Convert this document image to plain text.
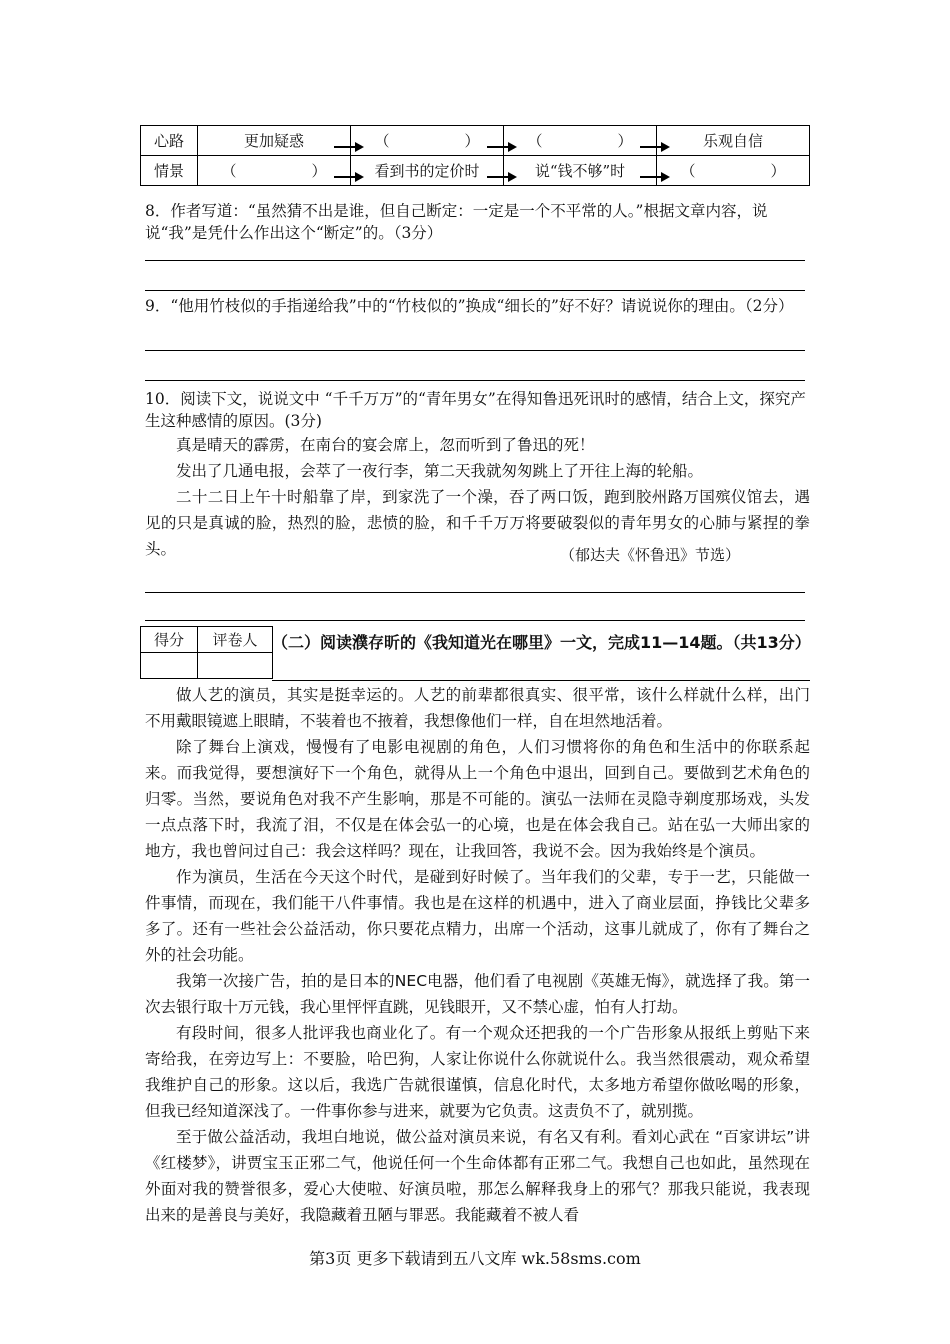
心路	更加疑惑	（　　　　　）	（　　　　　）	乐观自信
情景	（　　　　　）	看到书的定价时	说“钱不够”时	（　　　　　）
8．作者写道：“虽然猜不出是谁，但自己断定：一定是一个不平常的人。”根据文章内容，说说“我”是凭什么作出这个“断定”的。（3分）
9．“他用竹枝似的手指递给我”中的“竹枝似的”换成“细长的”好不好？请说说你的理由。（2分）
10．阅读下文，说说文中 “千千万万”的“青年男女”在得知鲁迅死讯时的感情，结合上文，探究产生这种感情的原因。(3分)

真是晴天的霹雳，在南台的宴会席上，忽而听到了鲁迅的死！

发出了几通电报，会萃了一夜行李，第二天我就匆匆跳上了开往上海的轮船。

二十二日上午十时船靠了岸，到家洗了一个澡，吞了两口饭，跑到胶州路万国殡仪馆去，遇见的只是真诚的脸，热烈的脸，悲愤的脸，和千千万万将要破裂似的青年男女的心肺与紧捏的拳头。	（郁达夫《怀鲁迅》节选）
得分	评卷人
	（二）阅读濮存昕的《我知道光在哪里》一文，完成11—14题。（共13分）

做人艺的演员，其实是挺幸运的。人艺的前辈都很真实、很平常，该什么样就什么样，出门不用戴眼镜遮上眼睛，不装着也不掖着，我想像他们一样，自在坦然地活着。

除了舞台上演戏，慢慢有了电影电视剧的角色，人们习惯将你的角色和生活中的你联系起来。而我觉得，要想演好下一个角色，就得从上一个角色中退出，回到自己。要做到艺术角色的归零。当然，要说角色对我不产生影响，那是不可能的。演弘一法师在灵隐寺剃度那场戏，头发一点点落下时，我流了泪，不仅是在体会弘一的心境，也是在体会我自己。站在弘一大师出家的地方，我也曾问过自己：我会这样吗？现在，让我回答，我说不会。因为我始终是个演员。

作为演员，生活在今天这个时代，是碰到好时候了。当年我们的父辈，专于一艺，只能做一件事情，而现在，我们能干八件事情。我也是在这样的机遇中，进入了商业层面，挣钱比父辈多多了。还有一些社会公益活动，你只要花点精力，出席一个活动，这事儿就成了，你有了舞台之外的社会功能。

我第一次接广告，拍的是日本的NEC电器，他们看了电视剧《英雄无悔》，就选择了我。第一次去银行取十万元钱，我心里怦怦直跳，见钱眼开，又不禁心虚，怕有人打劫。

有段时间，很多人批评我也商业化了。有一个观众还把我的一个广告形象从报纸上剪贴下来寄给我，在旁边写上：不要脸，哈巴狗，人家让你说什么你就说什么。我当然很震动，观众希望我维护自己的形象。这以后，我选广告就很谨慎，信息化时代，太多地方希望你做吆喝的形象，但我已经知道深浅了。一件事你参与进来，就要为它负责。这责负不了，就别揽。

至于做公益活动，我坦白地说，做公益对演员来说，有名又有利。看刘心武在 “百家讲坛”讲《红楼梦》，讲贾宝玉正邪二气，他说任何一个生命体都有正邪二气。我想自己也如此，虽然现在外面对我的赞誉很多，爱心大使啦、好演员啦，那怎么解释我身上的邪气？那我只能说，我表现出来的是善良与美好，我隐藏着丑陋与罪恶。我能藏着不被人看

第3页 更多下载请到五八文库 wk.58sms.com
